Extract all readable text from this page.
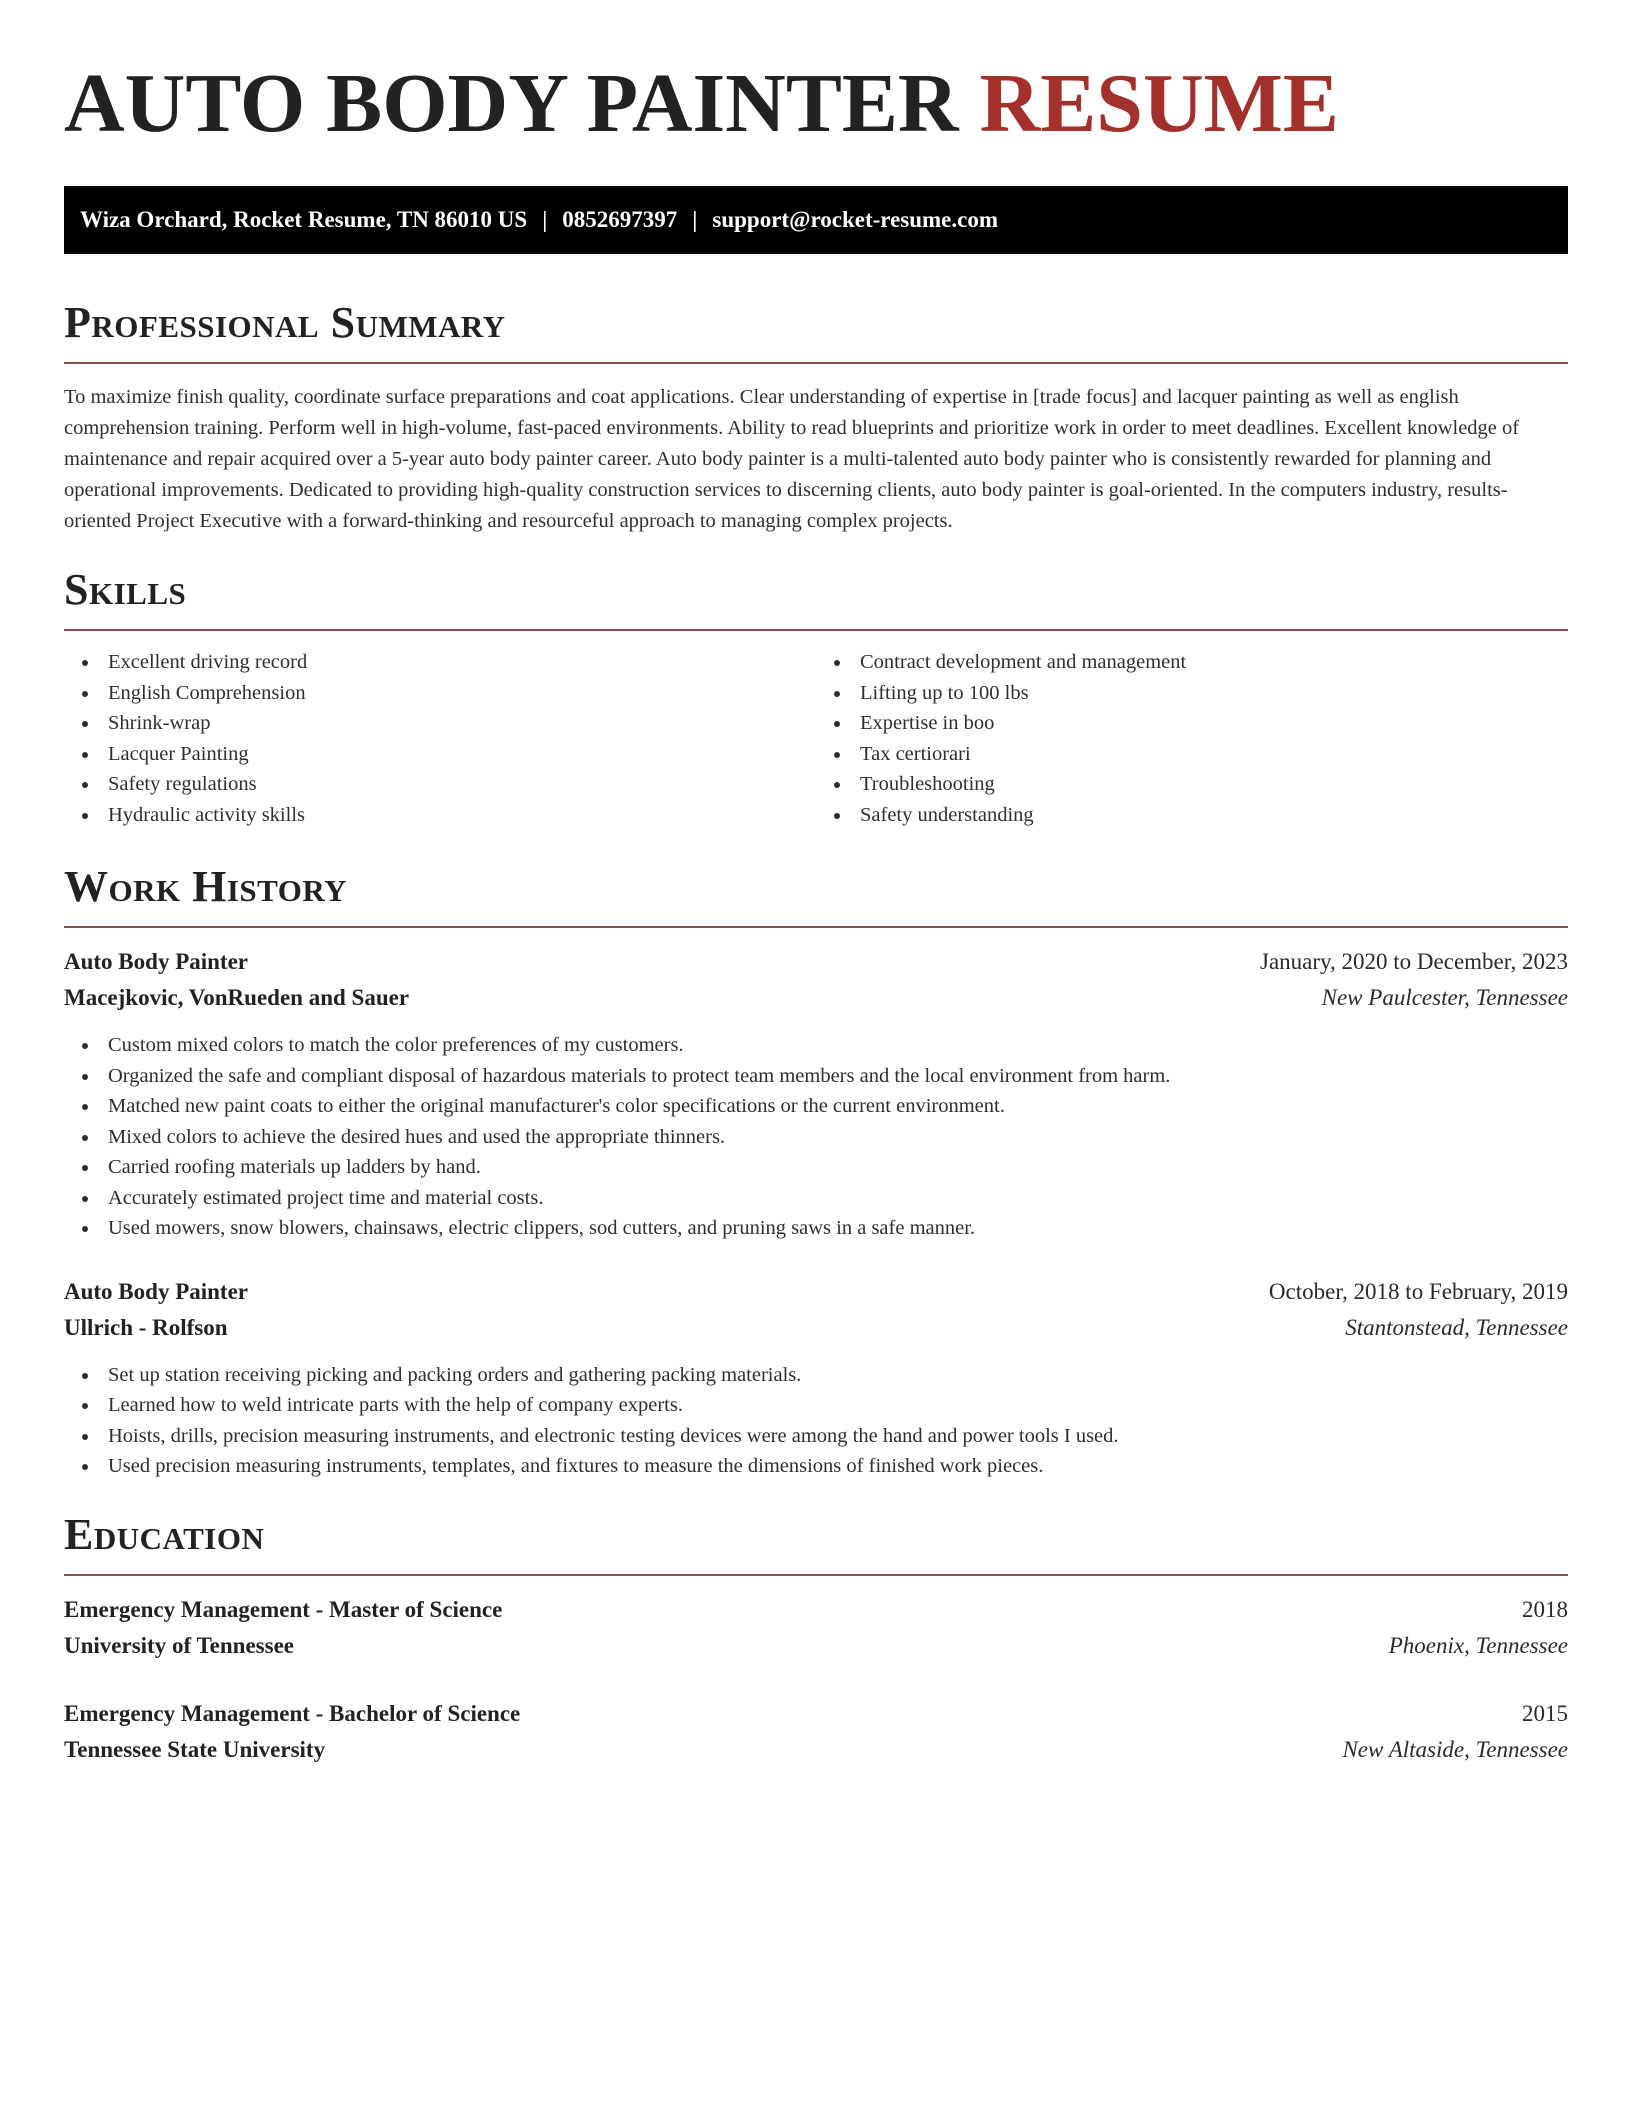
AUTO BODY PAINTER RESUME
Wiza Orchard, Rocket Resume, TN 86010 US | 0852697397 | support@rocket-resume.com
Professional Summary

To maximize finish quality, coordinate surface preparations and coat applications. Clear understanding of expertise in [trade focus] and lacquer painting as well as english comprehension training. Perform well in high-volume, fast-paced environments. Ability to read blueprints and prioritize work in order to meet deadlines. Excellent knowledge of maintenance and repair acquired over a 5-year auto body painter career. Auto body painter is a multi-talented auto body painter who is consistently rewarded for planning and operational improvements. Dedicated to providing high-quality construction services to discerning clients, auto body painter is goal-oriented. In the computers industry, results-oriented Project Executive with a forward-thinking and resourceful approach to managing complex projects.

Skills
Excellent driving record
English Comprehension
Shrink-wrap
Lacquer Painting
Safety regulations
Hydraulic activity skills
Contract development and management
Lifting up to 100 lbs
Expertise in boo
Tax certiorari
Troubleshooting
Safety understanding
Work History
Auto Body Painter	January, 2020 to December, 2023
Macejkovic, VonRueden and Sauer	New Paulcester, Tennessee
Custom mixed colors to match the color preferences of my customers.
Organized the safe and compliant disposal of hazardous materials to protect team members and the local environment from harm.
Matched new paint coats to either the original manufacturer's color specifications or the current environment.
Mixed colors to achieve the desired hues and used the appropriate thinners.
Carried roofing materials up ladders by hand.
Accurately estimated project time and material costs.
Used mowers, snow blowers, chainsaws, electric clippers, sod cutters, and pruning saws in a safe manner.
Auto Body Painter	October, 2018 to February, 2019
Ullrich - Rolfson	Stantonstead, Tennessee
Set up station receiving picking and packing orders and gathering packing materials.
Learned how to weld intricate parts with the help of company experts.
Hoists, drills, precision measuring instruments, and electronic testing devices were among the hand and power tools I used.
Used precision measuring instruments, templates, and fixtures to measure the dimensions of finished work pieces.
Education
Emergency Management - Master of Science	2018
University of Tennessee	Phoenix, Tennessee
Emergency Management - Bachelor of Science	2015
Tennessee State University	New Altaside, Tennessee
